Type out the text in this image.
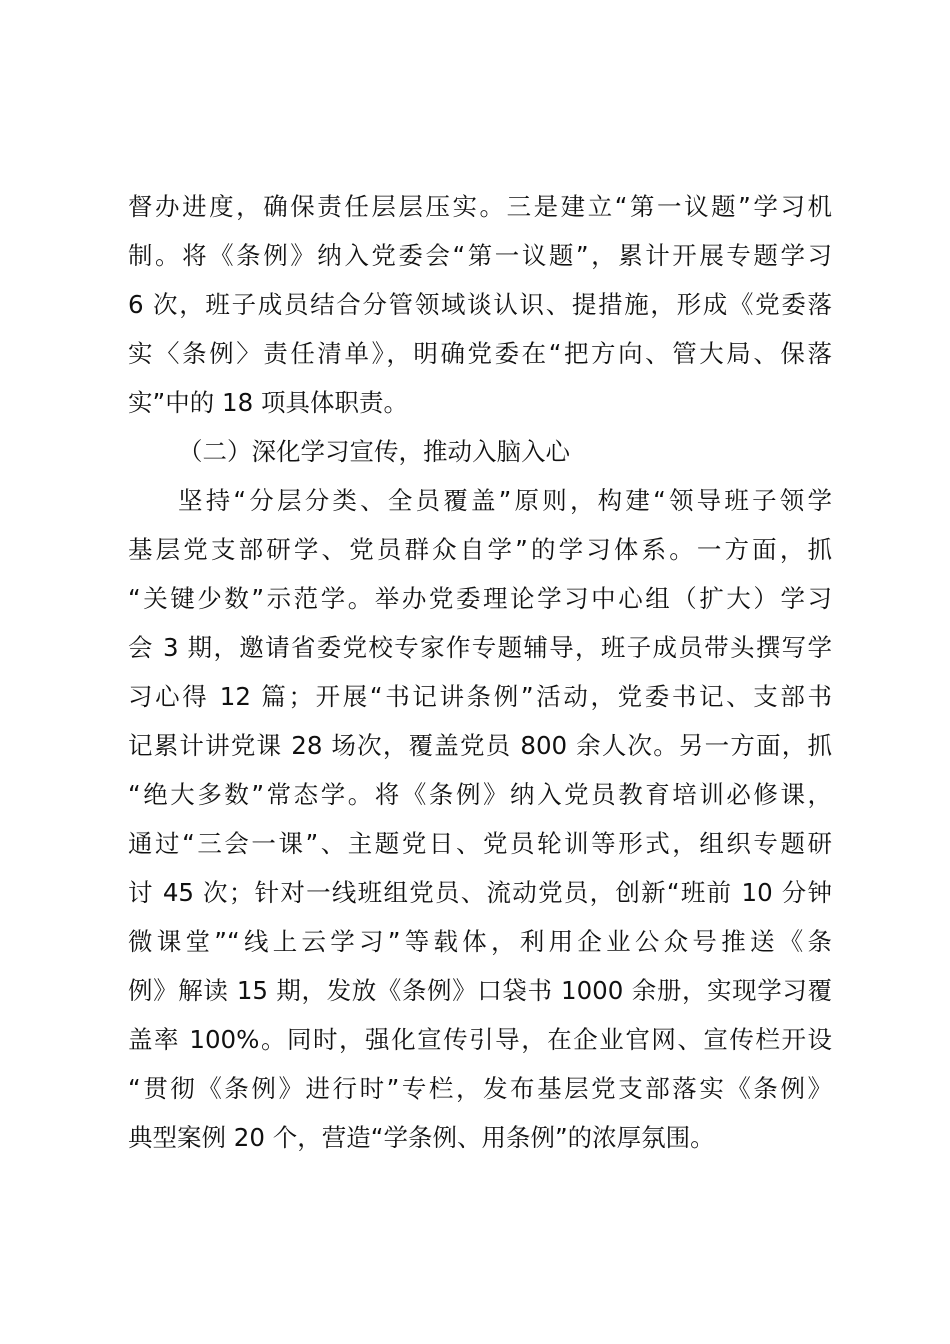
督办进度，确保责任层层压实。三是建立“第一议题”学习机
制。将《条例》纳入党委会“第一议题”，累计开展专题学习
6 次，班子成员结合分管领域谈认识、提措施，形成《党委落
实〈条例〉责任清单》，明确党委在“把方向、管大局、保落
实”中的 18 项具体职责。
（二）深化学习宣传，推动入脑入心
坚持“分层分类、全员覆盖”原则，构建“领导班子领学
基层党支部研学、党员群众自学”的学习体系。一方面，抓
“关键少数”示范学。举办党委理论学习中心组（扩大）学习
会 3 期，邀请省委党校专家作专题辅导，班子成员带头撰写学
习心得 12 篇；开展“书记讲条例”活动，党委书记、支部书
记累计讲党课 28 场次，覆盖党员 800 余人次。另一方面，抓
“绝大多数”常态学。将《条例》纳入党员教育培训必修课，
通过“三会一课”、主题党日、党员轮训等形式，组织专题研
讨 45 次；针对一线班组党员、流动党员，创新“班前 10 分钟
微课堂”“线上云学习”等载体，利用企业公众号推送《条
例》解读 15 期，发放《条例》口袋书 1000 余册，实现学习覆
盖率 100%。同时，强化宣传引导，在企业官网、宣传栏开设
“贯彻《条例》进行时”专栏，发布基层党支部落实《条例》
典型案例 20 个，营造“学条例、用条例”的浓厚氛围。
